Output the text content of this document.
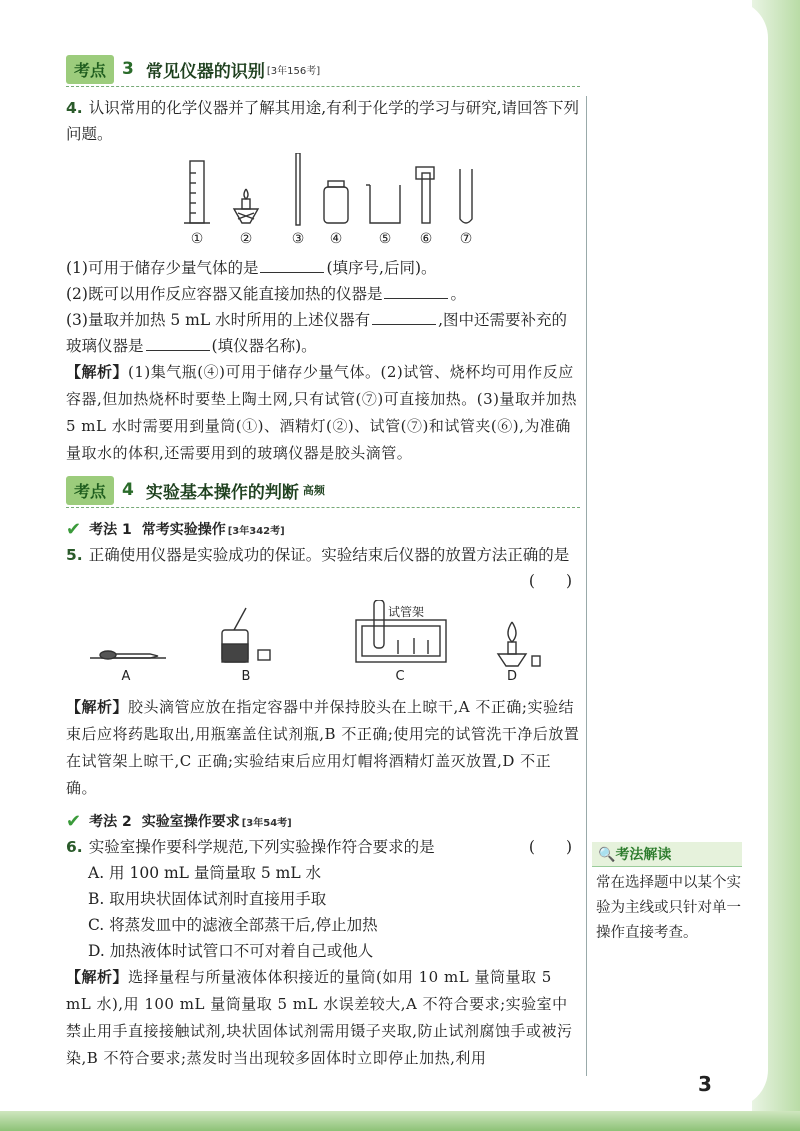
考点 3 常见仪器的识别 [3年156考]

4. 认识常用的化学仪器并了解其用途,有利于化学的学习与研究,请回答下列问题。

①	②	③ ④	⑤ ⑥ ⑦

(1)可用于储存少量气体的是	(填序号,后同)。

(2)既可以用作反应容器又能直接加热的仪器是	。

(3)量取并加热 5 mL 水时所用的上述仪器有	,图中还需要补充的玻璃仪器是	(填仪器名称)。

【解析】(1)集气瓶(④)可用于储存少量气体。(2)试管、烧杯均可用作反应容器,但加热烧杯时要垫上陶土网,只有试管(⑦)可直接加热。(3)量取并加热 5 mL 水时需要用到量筒(①)、酒精灯(②)、试管(⑦)和试管夹(⑥),为准确量取水的体积,还需要用到的玻璃仪器是胶头滴管。

考点 4 实验基本操作的判断 高频
✔ 考法 1 常考实验操作 [3年342考]

5. 正确使用仪器是实验成功的保证。实验结束后仪器的放置方法正确的是
(　　)

试管架
A	B	C	D

【解析】胶头滴管应放在指定容器中并保持胶头在上晾干,A 不正确;实验结束后应将药匙取出,用瓶塞盖住试剂瓶,B 不正确;使用完的试管洗干净后放置在试管架上晾干,C 正确;实验结束后应用灯帽将酒精灯盖灭放置,D 不正确。

✔ 考法 2 实验室操作要求 [3年54考]

6. 实验室操作要科学规范,下列实验操作符合要求的是	(　　)

A. 用 100 mL 量筒量取 5 mL 水

B. 取用块状固体试剂时直接用手取

C. 将蒸发皿中的滤液全部蒸干后,停止加热

D. 加热液体时试管口不可对着自己或他人

【解析】选择量程与所量液体体积接近的量筒(如用 10 mL 量筒量取 5 mL 水),用 100 mL 量筒量取 5 mL 水误差较大,A 不符合要求;实验室中禁止用手直接接触试剂,块状固体试剂需用镊子夹取,防止试剂腐蚀手或被污染,B 不符合要求;蒸发时当出现较多固体时立即停止加热,利用

🔍考法解读
常在选择题中以某个实验为主线或只针对单一操作直接考查。
3
